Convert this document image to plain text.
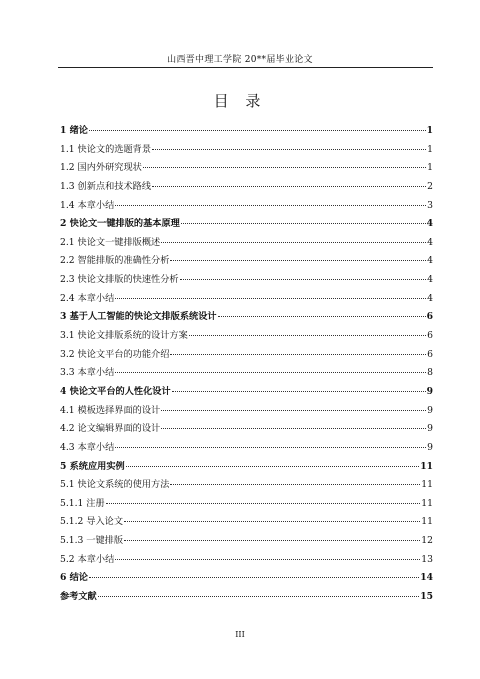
山西晋中理工学院 20**届毕业论文
目 录
1 绪论	1
1.1 快论文的选题背景	1
1.2 国内外研究现状	1
1.3 创新点和技术路线	2
1.4 本章小结	3
2 快论文一键排版的基本原理	4
2.1 快论文一键排版概述	4
2.2 智能排版的准确性分析	4
2.3 快论文排版的快速性分析	4
2.4 本章小结	4
3 基于人工智能的快论文排版系统设计	6
3.1 快论文排版系统的设计方案	6
3.2 快论文平台的功能介绍	6
3.3 本章小结	8
4 快论文平台的人性化设计	9
4.1 模板选择界面的设计	9
4.2 论文编辑界面的设计	9
4.3 本章小结	9
5 系统应用实例	11
5.1 快论文系统的使用方法	11
5.1.1 注册	11
5.1.2 导入论文	11
5.1.3 一键排版	12
5.2 本章小结	13
6 结论	14
参考文献	15
III
